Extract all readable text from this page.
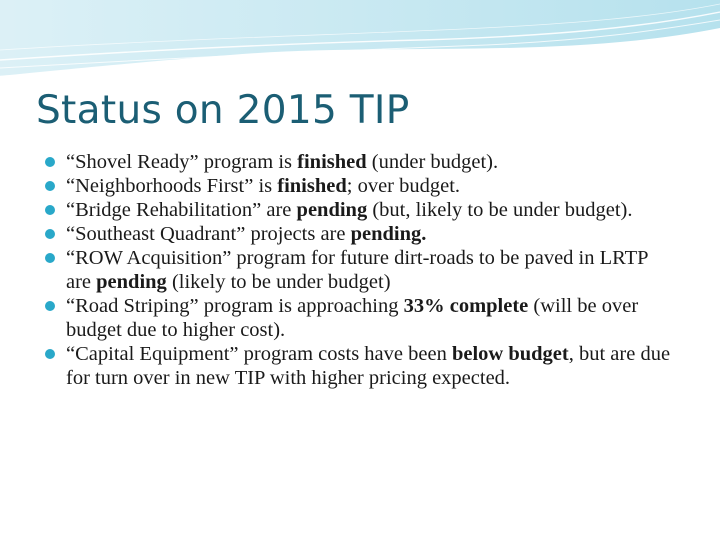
Status on 2015 TIP
“Shovel Ready” program is finished (under budget).
“Neighborhoods First” is finished; over budget.
“Bridge Rehabilitation” are pending (but, likely to be under budget).
“Southeast Quadrant” projects are pending.
“ROW Acquisition” program for future dirt-roads to be paved in LRTP are pending (likely to be under budget)
“Road Striping” program is approaching 33% complete (will be over budget due to higher cost).
“Capital Equipment” program costs have been below budget, but are due for turn over in new TIP with higher pricing expected.
